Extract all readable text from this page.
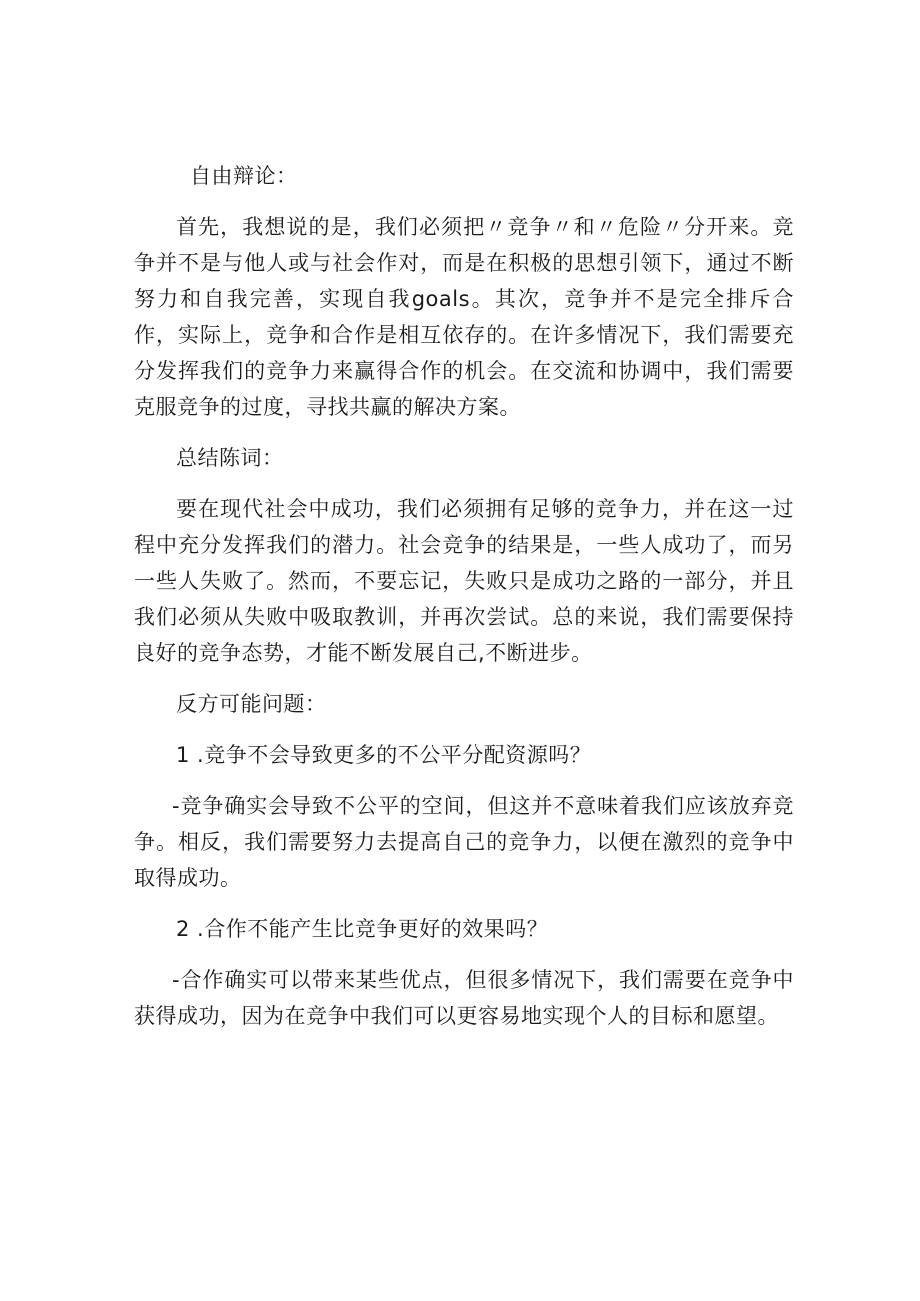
自由辩论：

首先，我想说的是，我们必须把〃竞争〃和〃危险〃分开来。竞争并不是与他人或与社会作对，而是在积极的思想引领下，通过不断努力和自我完善，实现自我goals。其次，竞争并不是完全排斥合作，实际上，竞争和合作是相互依存的。在许多情况下，我们需要充分发挥我们的竞争力来赢得合作的机会。在交流和协调中，我们需要克服竞争的过度，寻找共赢的解决方案。

总结陈词：

要在现代社会中成功，我们必须拥有足够的竞争力，并在这一过程中充分发挥我们的潜力。社会竞争的结果是，一些人成功了，而另一些人失败了。然而，不要忘记，失败只是成功之路的一部分，并且我们必须从失败中吸取教训，并再次尝试。总的来说，我们需要保持良好的竞争态势，才能不断发展自己,不断进步。

反方可能问题：

1 .竞争不会导致更多的不公平分配资源吗？

-竞争确实会导致不公平的空间，但这并不意味着我们应该放弃竞争。相反，我们需要努力去提高自己的竞争力，以便在激烈的竞争中取得成功。

2 .合作不能产生比竞争更好的效果吗？

-合作确实可以带来某些优点，但很多情况下，我们需要在竞争中获得成功，因为在竞争中我们可以更容易地实现个人的目标和愿望。
